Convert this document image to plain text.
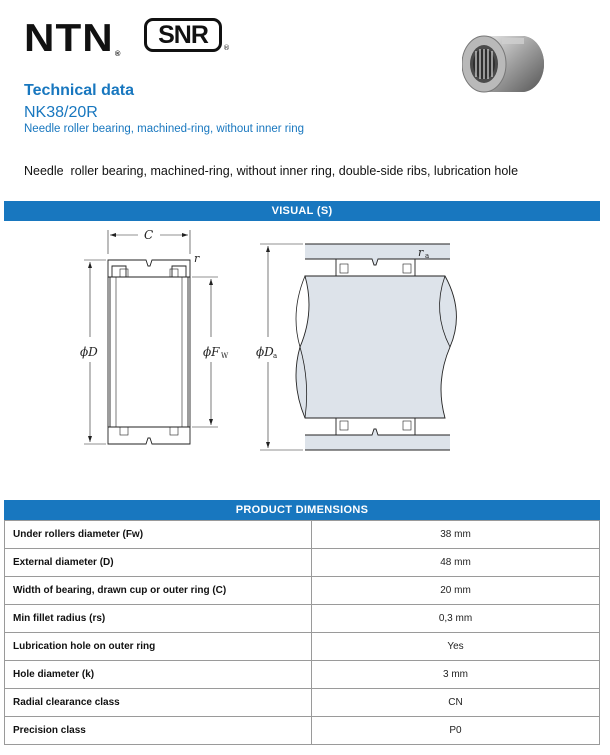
NTN®
SNR	®
Technical data
NK38/20R
Needle roller bearing, machined-ring, without inner ring
Needle  roller bearing, machined-ring, without inner ring, double-side ribs, lubrication hole
VISUAL (S)
C
r
ϕD	ϕF W
r a
ϕD a
PRODUCT DIMENSIONS
Under rollers diameter (Fw)	38 mm
External diameter (D)	48 mm
Width of bearing, drawn cup or outer ring (C)	20 mm
Min fillet radius (rs)	0,3 mm
Lubrication hole on outer ring	Yes
Hole diameter (k)	3 mm
Radial clearance class	CN
Precision class	P0
